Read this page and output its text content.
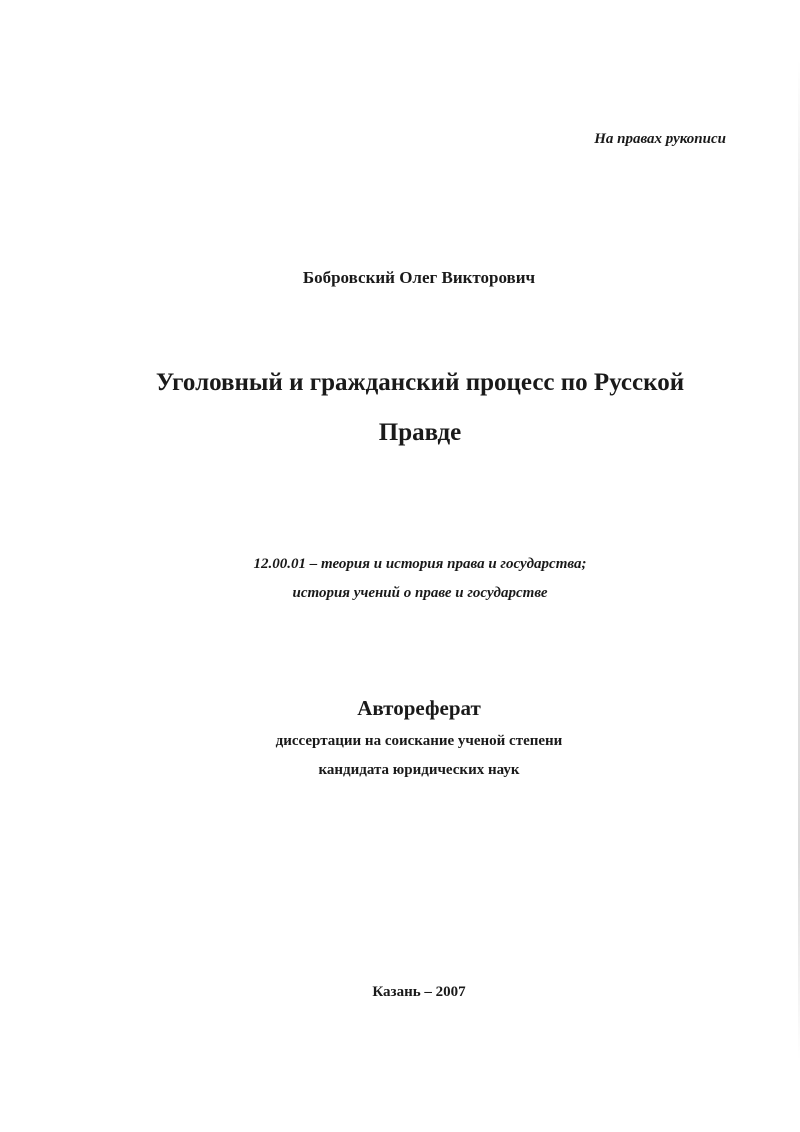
На правах рукописи
Бобровский Олег Викторович
Уголовный и гражданский процесс по Русской
Правде
12.00.01 – теория и история права и государства;
история учений о праве и государстве
Автореферат
диссертации на соискание ученой степени
кандидата юридических наук
Казань – 2007
